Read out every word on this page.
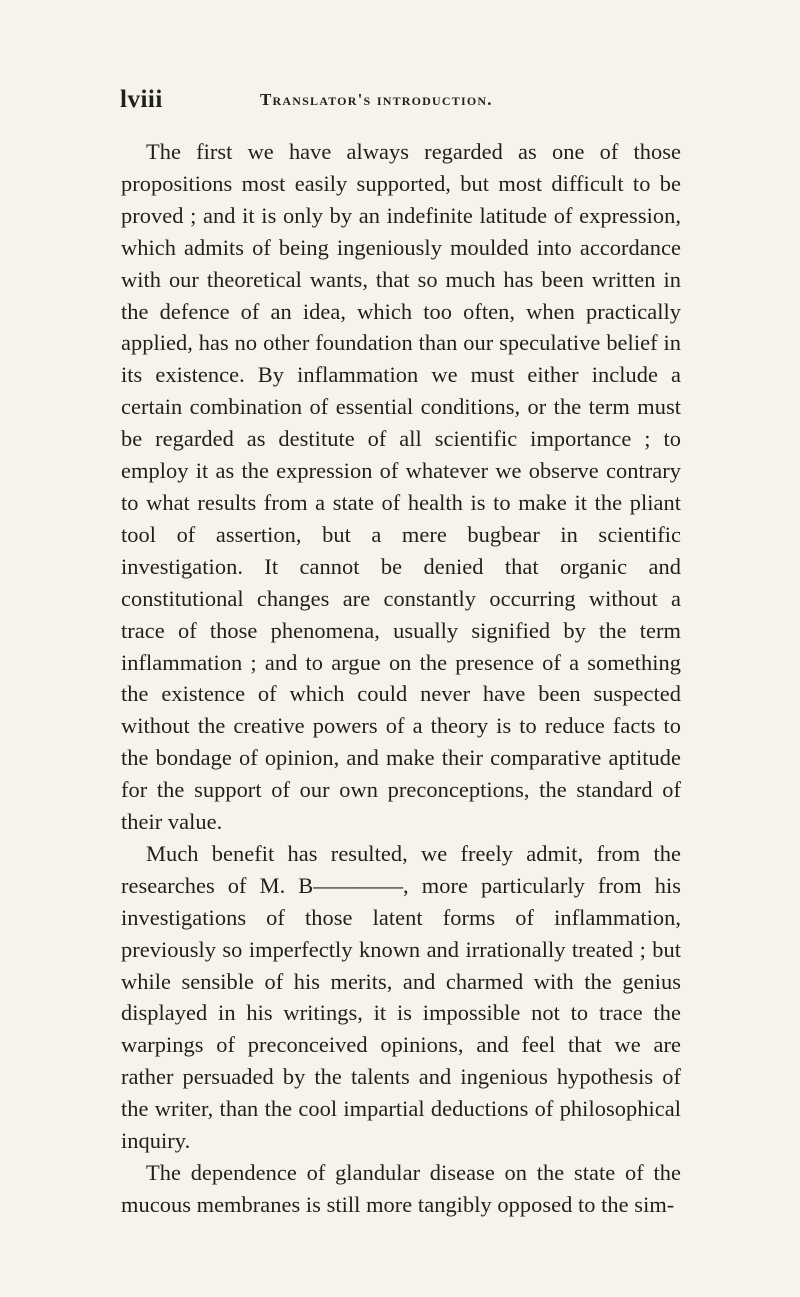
lviii	translator's introduction.

The first we have always regarded as one of those propositions most easily supported, but most difficult to be proved ; and it is only by an indefinite latitude of expression, which admits of being ingeniously moulded into accordance with our theoretical wants, that so much has been written in the defence of an idea, which too often, when practically applied, has no other foundation than our speculative belief in its existence. By inflammation we must either include a certain combination of essential conditions, or the term must be regarded as destitute of all scientific importance ; to employ it as the expression of whatever we observe contrary to what results from a state of health is to make it the pliant tool of assertion, but a mere bugbear in scientific investigation. It cannot be denied that organic and constitutional changes are constantly occurring without a trace of those phenomena, usually signified by the term inflammation ; and to argue on the presence of a something the existence of which could never have been suspected without the creative powers of a theory is to reduce facts to the bondage of opinion, and make their comparative aptitude for the support of our own preconceptions, the standard of their value.

Much benefit has resulted, we freely admit, from the researches of M. B————, more particularly from his investigations of those latent forms of inflammation, previously so imperfectly known and irrationally treated ; but while sensible of his merits, and charmed with the genius displayed in his writings, it is impossible not to trace the warpings of preconceived opinions, and feel that we are rather persuaded by the talents and ingenious hypothesis of the writer, than the cool impartial deductions of philosophical inquiry.

The dependence of glandular disease on the state of the mucous membranes is still more tangibly opposed to the sim-
